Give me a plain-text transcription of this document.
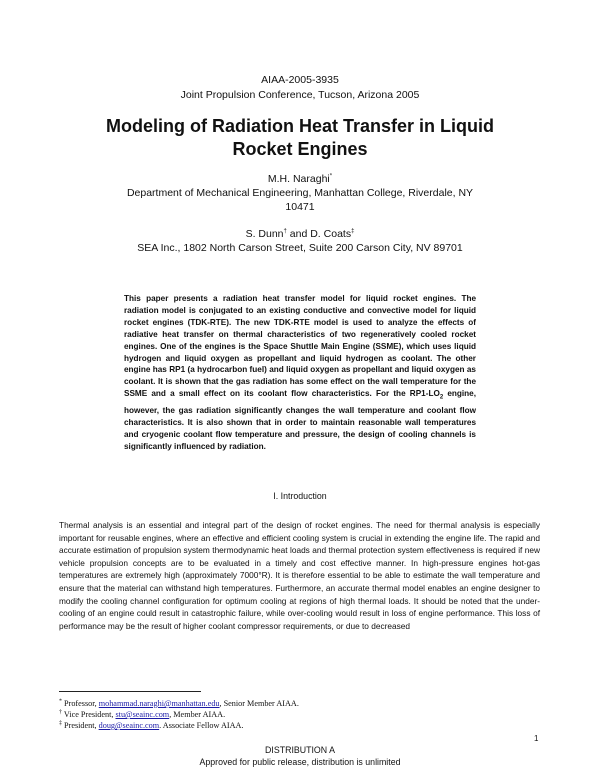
AIAA-2005-3935
Joint Propulsion Conference, Tucson, Arizona 2005
Modeling of Radiation Heat Transfer in Liquid
Rocket Engines
M.H. Naraghi*
Department of Mechanical Engineering, Manhattan College, Riverdale, NY
10471
S. Dunn† and D. Coats‡
SEA Inc., 1802 North Carson Street, Suite 200 Carson City, NV 89701
This paper presents a radiation heat transfer model for liquid rocket engines. The radiation model is conjugated to an existing conductive and convective model for liquid rocket engines (TDK-RTE). The new TDK-RTE model is used to analyze the effects of radiative heat transfer on thermal characteristics of two regeneratively cooled rocket engines. One of the engines is the Space Shuttle Main Engine (SSME), which uses liquid hydrogen and liquid oxygen as propellant and liquid hydrogen as coolant. The other engine has RP1 (a hydrocarbon fuel) and liquid oxygen as propellant and liquid oxygen as coolant. It is shown that the gas radiation has some effect on the wall temperature for the SSME and a small effect on its coolant flow characteristics. For the $RP1-LO_2$ engine, however, the gas radiation significantly changes the wall temperature and coolant flow characteristics. It is also shown that in order to maintain reasonable wall temperatures and cryogenic coolant flow temperature and pressure, the design of cooling channels is significantly influenced by radiation.
I. Introduction
Thermal analysis is an essential and integral part of the design of rocket engines. The need for thermal analysis is especially important for reusable engines, where an effective and efficient cooling system is crucial in extending the engine life. The rapid and accurate estimation of propulsion system thermodynamic heat loads and thermal protection system effectiveness is required if new vehicle propulsion concepts are to be evaluated in a timely and cost effective manner. In high-pressure engines hot-gas temperatures are extremely high (approximately 7000°R). It is therefore essential to be able to estimate the wall temperature and ensure that the material can withstand high temperatures. Furthermore, an accurate thermal model enables an engine designer to modify the cooling channel configuration for optimum cooling at regions of high thermal loads. It should be noted that the under-cooling of an engine could result in catastrophic failure, while over-cooling would result in loss of engine performance. This loss of performance may be the result of higher coolant compressor requirements, or due to decreased
* Professor, mohammad.naraghi@manhattan.edu, Senior Member AIAA.
† Vice President, stu@seainc.com, Member AIAA.
‡ President, doug@seainc.com. Associate Fellow AIAA.
1
DISTRIBUTION A
Approved for public release, distribution is unlimited
